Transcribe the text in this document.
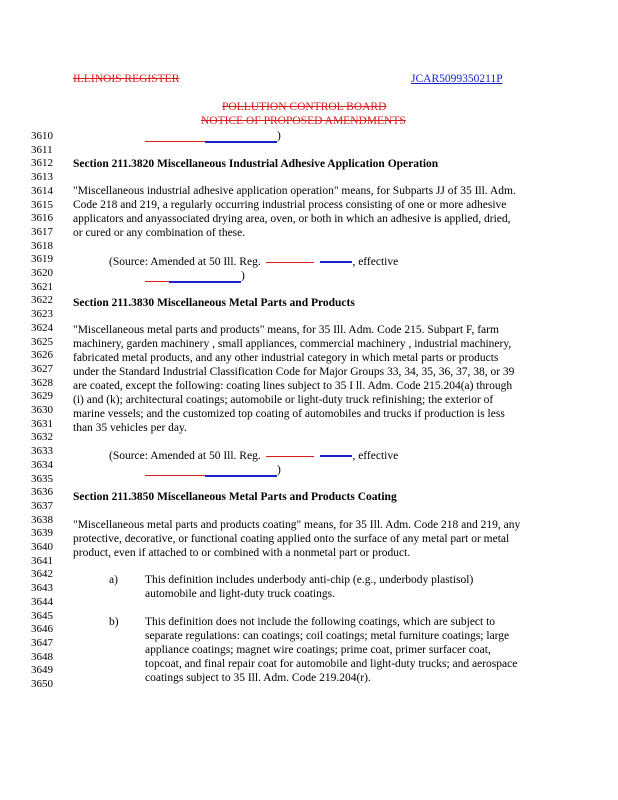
ILLINOIS REGISTER	JCAR5099350211P
POLLUTION CONTROL BOARD
NOTICE OF PROPOSED AMENDMENTS
3610
3611
3612
3613
3614
3615
3616
3617
3618
3619
3620
3621
3622
3623
3624
3625
3626
3627
3628
3629
3630
3631
3632
3633
3634
3635
3636
3637
3638
3639
3640
3641
3642
3643
3644
3645
3646
3647
3648
3649
3650
)
Section 211.3820 Miscellaneous Industrial Adhesive Application Operation
"Miscellaneous industrial adhesive application operation" means, for Subparts JJ of 35 Ill. Adm.
Code 218 and 219, a regularly occurring industrial process consisting of one or more adhesive
applicators and anyassociated drying area, oven, or both in which an adhesive is applied, dried,
or cured or any combination of these.
(Source: Amended at 50 Ill. Reg.	, effective
)
Section 211.3830 Miscellaneous Metal Parts and Products
"Miscellaneous metal parts and products" means, for 35 Ill. Adm. Code 215. Subpart F, farm
machinery, garden machinery , small appliances, commercial machinery , industrial machinery,
fabricated metal products, and any other industrial category in which metal parts or products
under the Standard Industrial Classification Code for Major Groups 33, 34, 35, 36, 37, 38, or 39
are coated, except the following: coating lines subject to 35 I ll. Adm. Code 215.204(a) through
(i) and (k); architectural coatings; automobile or light-duty truck refinishing; the exterior of
marine vessels; and the customized top coating of automobiles and trucks if production is less
than 35 vehicles per day.
(Source: Amended at 50 Ill. Reg.	, effective
)
Section 211.3850 Miscellaneous Metal Parts and Products Coating
"Miscellaneous metal parts and products coating" means, for 35 Ill. Adm. Code 218 and 219, any
protective, decorative, or functional coating applied onto the surface of any metal part or metal
product, even if attached to or combined with a nonmetal part or product.
a) This definition includes underbody anti-chip (e.g., underbody plastisol)
automobile and light-duty truck coatings.
b) This definition does not include the following coatings, which are subject to
separate regulations: can coatings; coil coatings; metal furniture coatings; large
appliance coatings; magnet wire coatings; prime coat, primer surfacer coat,
topcoat, and final repair coat for automobile and light-duty trucks; and aerospace
coatings subject to 35 Ill. Adm. Code 219.204(r).
